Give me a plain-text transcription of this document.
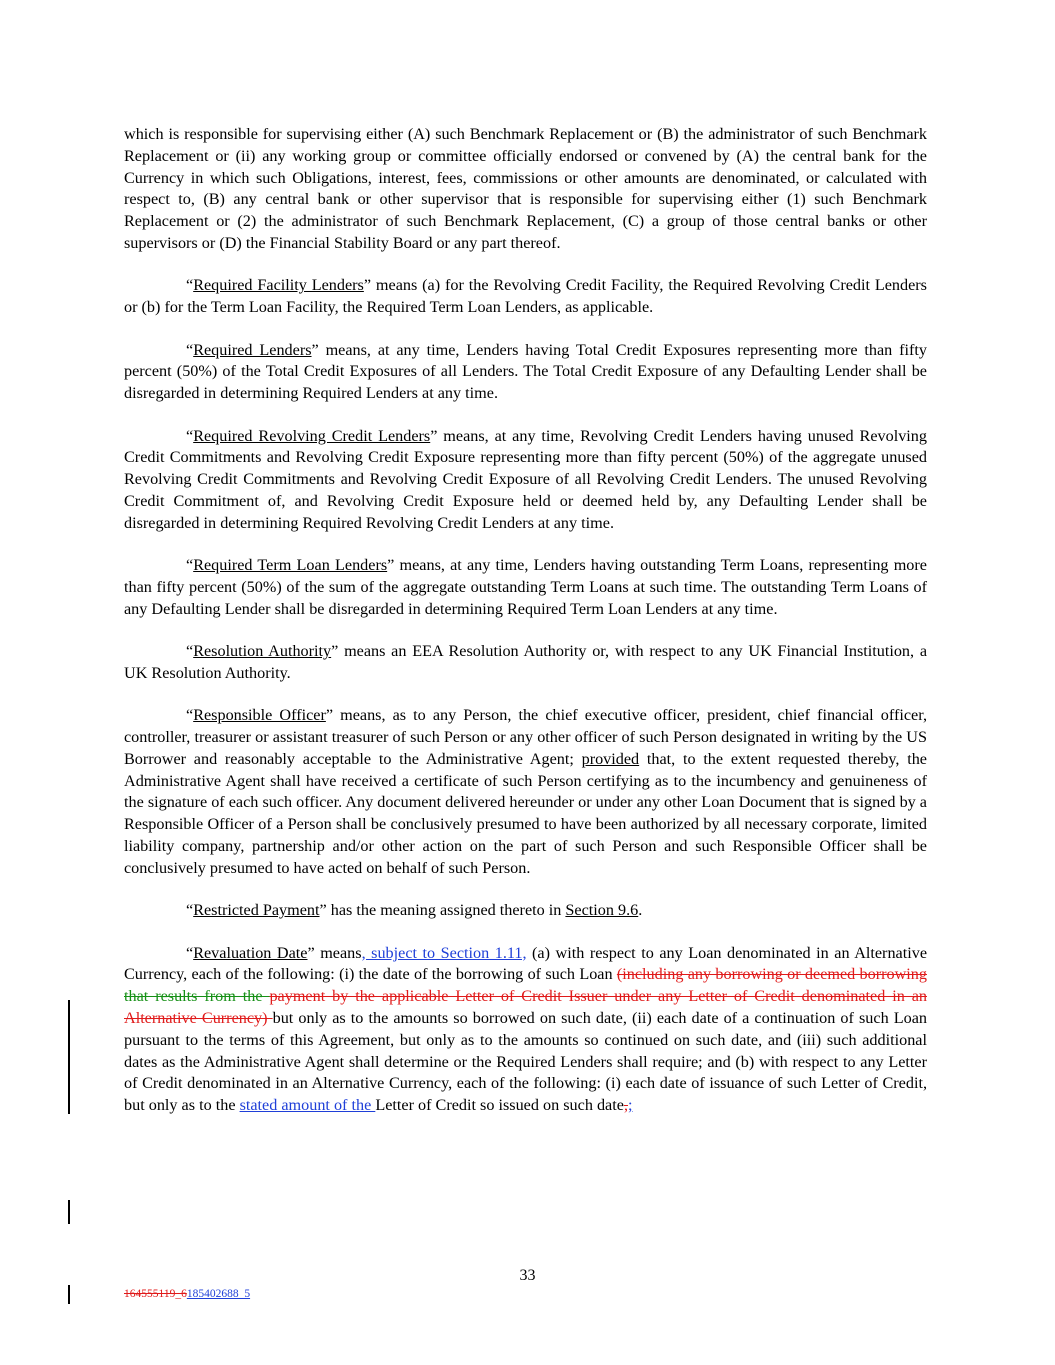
which is responsible for supervising either (A) such Benchmark Replacement or (B) the administrator of such Benchmark Replacement or (ii) any working group or committee officially endorsed or convened by (A) the central bank for the Currency in which such Obligations, interest, fees, commissions or other amounts are denominated, or calculated with respect to, (B) any central bank or other supervisor that is responsible for supervising either (1) such Benchmark Replacement or (2) the administrator of such Benchmark Replacement, (C) a group of those central banks or other supervisors or (D) the Financial Stability Board or any part thereof.

“Required Facility Lenders” means (a) for the Revolving Credit Facility, the Required Revolving Credit Lenders or (b) for the Term Loan Facility, the Required Term Loan Lenders, as applicable.

“Required Lenders” means, at any time, Lenders having Total Credit Exposures representing more than fifty percent (50%) of the Total Credit Exposures of all Lenders. The Total Credit Exposure of any Defaulting Lender shall be disregarded in determining Required Lenders at any time.

“Required Revolving Credit Lenders” means, at any time, Revolving Credit Lenders having unused Revolving Credit Commitments and Revolving Credit Exposure representing more than fifty percent (50%) of the aggregate unused Revolving Credit Commitments and Revolving Credit Exposure of all Revolving Credit Lenders. The unused Revolving Credit Commitment of, and Revolving Credit Exposure held or deemed held by, any Defaulting Lender shall be disregarded in determining Required Revolving Credit Lenders at any time.

“Required Term Loan Lenders” means, at any time, Lenders having outstanding Term Loans, representing more than fifty percent (50%) of the sum of the aggregate outstanding Term Loans at such time. The outstanding Term Loans of any Defaulting Lender shall be disregarded in determining Required Term Loan Lenders at any time.

“Resolution Authority” means an EEA Resolution Authority or, with respect to any UK Financial Institution, a UK Resolution Authority.

“Responsible Officer” means, as to any Person, the chief executive officer, president, chief financial officer, controller, treasurer or assistant treasurer of such Person or any other officer of such Person designated in writing by the US Borrower and reasonably acceptable to the Administrative Agent; provided that, to the extent requested thereby, the Administrative Agent shall have received a certificate of such Person certifying as to the incumbency and genuineness of the signature of each such officer. Any document delivered hereunder or under any other Loan Document that is signed by a Responsible Officer of a Person shall be conclusively presumed to have been authorized by all necessary corporate, limited liability company, partnership and/or other action on the part of such Person and such Responsible Officer shall be conclusively presumed to have acted on behalf of such Person.

“Restricted Payment” has the meaning assigned thereto in Section 9.6.

“Revaluation Date” means, subject to Section 1.11, (a) with respect to any Loan denominated in an Alternative Currency, each of the following: (i) the date of the borrowing of such Loan (including any borrowing or deemed borrowing that results from the payment by the applicable Letter of Credit Issuer under any Letter of Credit denominated in an Alternative Currency) but only as to the amounts so borrowed on such date, (ii) each date of a continuation of such Loan pursuant to the terms of this Agreement, but only as to the amounts so continued on such date, and (iii) such additional dates as the Administrative Agent shall determine or the Required Lenders shall require; and (b) with respect to any Letter of Credit denominated in an Alternative Currency, each of the following: (i) each date of issuance of such Letter of Credit, but only as to the stated amount of the Letter of Credit so issued on such date,;

33
164555119_6185402688_5
